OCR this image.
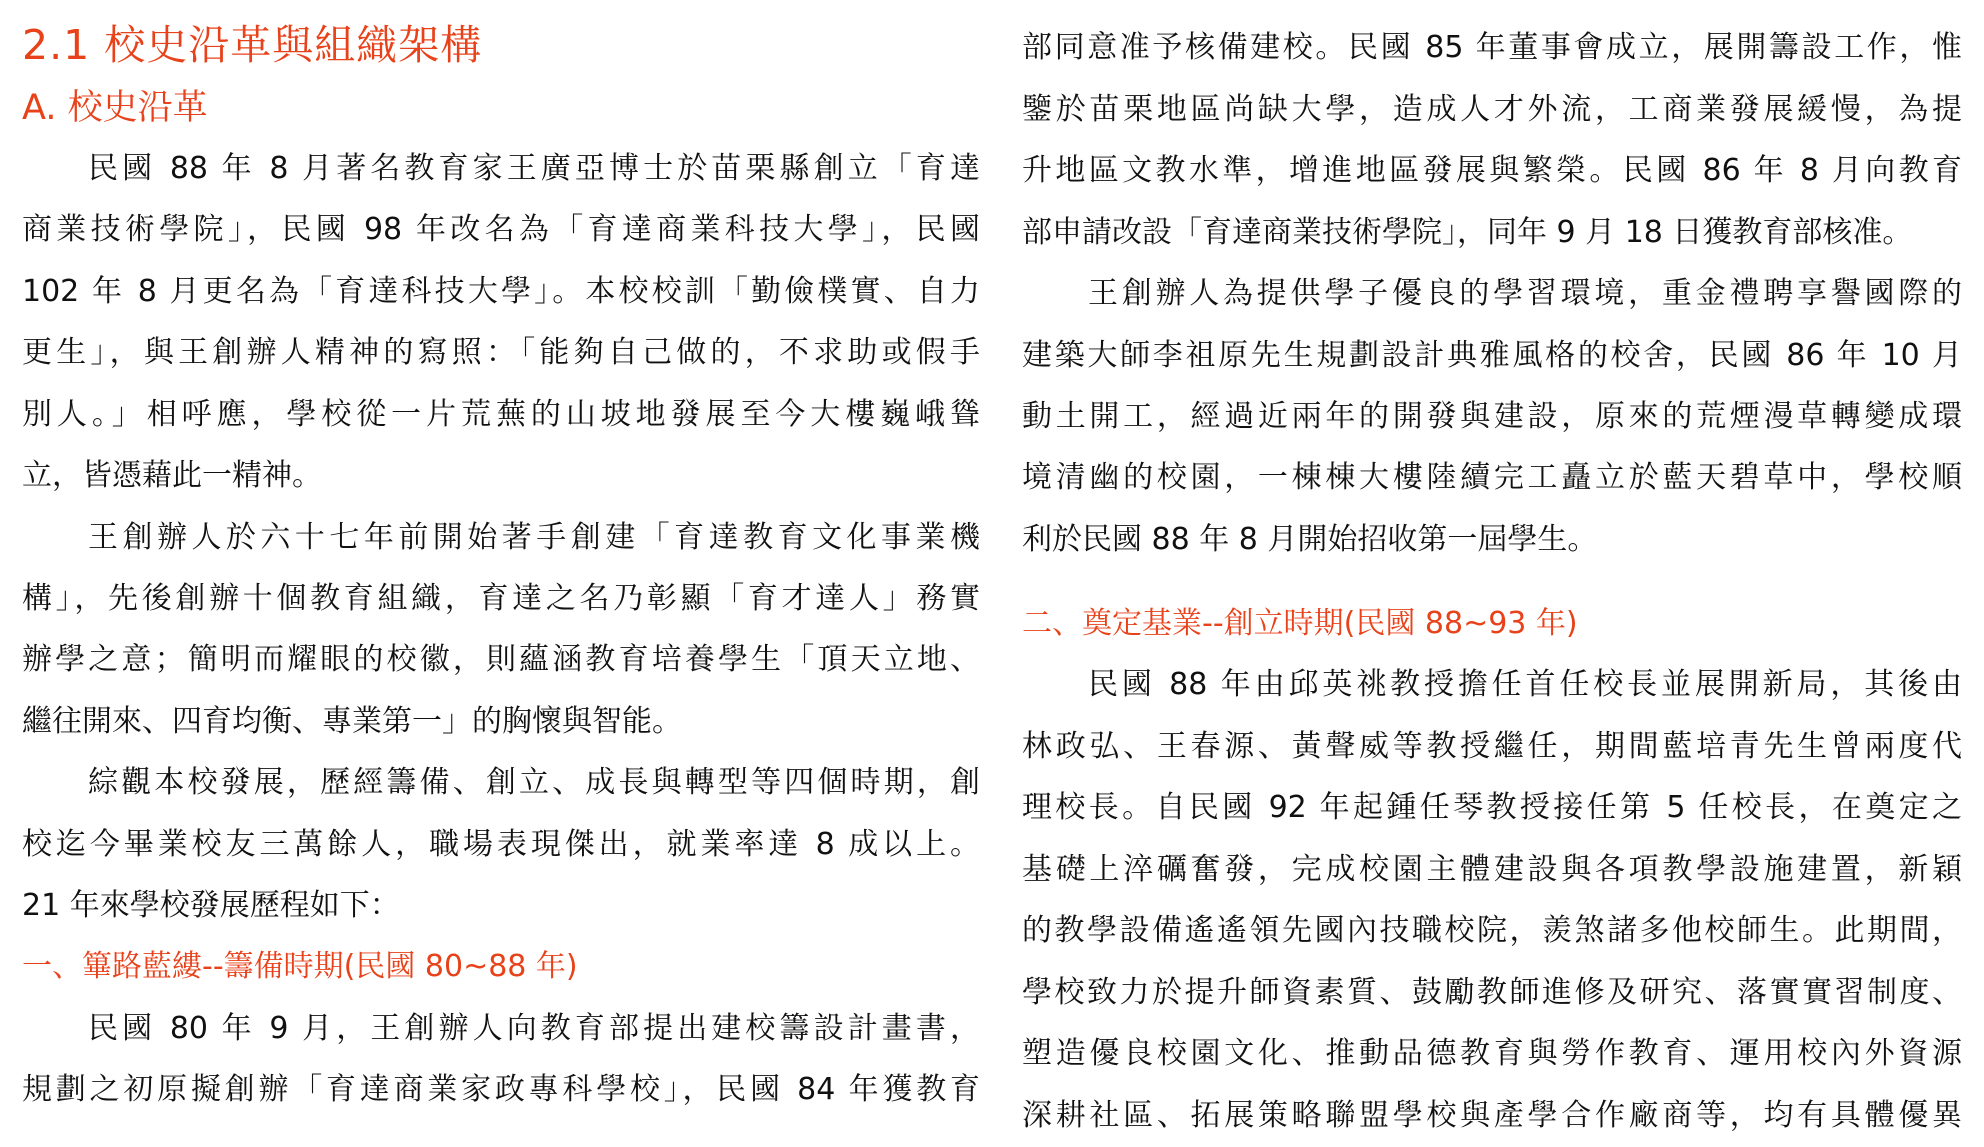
2.1 校史沿革與組織架構
A. 校史沿革
民國 88 年 8 月著名教育家王廣亞博士於苗栗縣創立「育達
商業技術學院」，民國 98 年改名為「育達商業科技大學」，民國
102 年 8 月更名為「育達科技大學」。本校校訓「勤儉樸實、自力
更生」，與王創辦人精神的寫照：「能夠自己做的，不求助或假手
別人。」相呼應，學校從一片荒蕪的山坡地發展至今大樓巍峨聳
立，皆憑藉此一精神。
王創辦人於六十七年前開始著手創建「育達教育文化事業機
構」，先後創辦十個教育組織，育達之名乃彰顯「育才達人」務實
辦學之意；簡明而耀眼的校徽，則蘊涵教育培養學生「頂天立地、
繼往開來、四育均衡、專業第一」的胸懷與智能。
綜觀本校發展，歷經籌備、創立、成長與轉型等四個時期，創
校迄今畢業校友三萬餘人，職場表現傑出，就業率達 8 成以上。
21 年來學校發展歷程如下：
一、篳路藍縷--籌備時期(民國 80~88 年)
民國 80 年 9 月，王創辦人向教育部提出建校籌設計畫書，
規劃之初原擬創辦「育達商業家政專科學校」，民國 84 年獲教育
部同意准予核備建校。民國 85 年董事會成立，展開籌設工作，惟
鑒於苗栗地區尚缺大學，造成人才外流，工商業發展緩慢，為提
升地區文教水準，增進地區發展與繁榮。民國 86 年 8 月向教育
部申請改設「育達商業技術學院」，同年 9 月 18 日獲教育部核准。
王創辦人為提供學子優良的學習環境，重金禮聘享譽國際的
建築大師李祖原先生規劃設計典雅風格的校舍，民國 86 年 10 月
動土開工，經過近兩年的開發與建設，原來的荒煙漫草轉變成環
境清幽的校園，一棟棟大樓陸續完工矗立於藍天碧草中，學校順
利於民國 88 年 8 月開始招收第一屆學生。
二、奠定基業--創立時期(民國 88~93 年)
民國 88 年由邱英祧教授擔任首任校長並展開新局，其後由
林政弘、王春源、黃聲威等教授繼任，期間藍培青先生曾兩度代
理校長。自民國 92 年起鍾任琴教授接任第 5 任校長，在奠定之
基礎上淬礪奮發，完成校園主體建設與各項教學設施建置，新穎
的教學設備遙遙領先國內技職校院，羨煞諸多他校師生。此期間，
學校致力於提升師資素質、鼓勵教師進修及研究、落實實習制度、
塑造優良校園文化、推動品德教育與勞作教育、運用校內外資源
深耕社區、拓展策略聯盟學校與產學合作廠商等，均有具體優異
